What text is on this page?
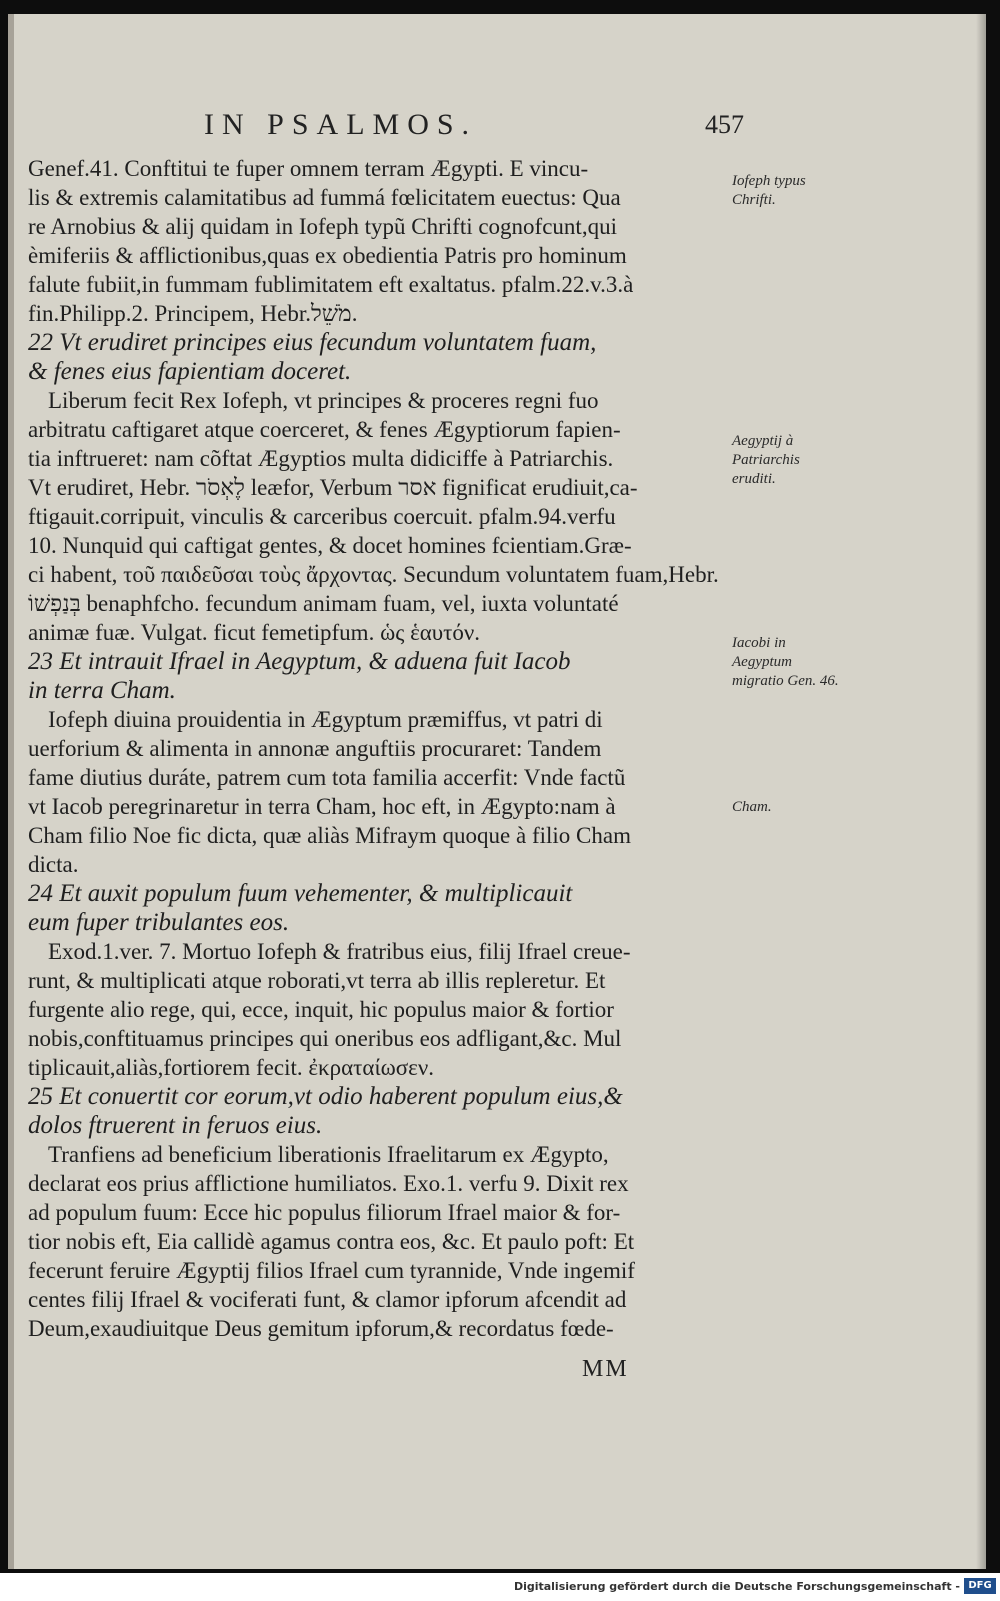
IN PSALMOS.	457
Genef.41. Conftitui te fuper omnem terram Ægypti. E vincu-
lis & extremis calamitatibus ad fummá fœlicitatem euectus: Qua
re Arnobius & alij quidam in Iofeph typũ Chrifti cognofcunt,qui
èmiferiis & afflictionibus,quas ex obedientia Patris pro hominum
falute fubiit,in fummam fublimitatem eft exaltatus. pfalm.22.v.3.à
fin.Philipp.2. Principem, Hebr.מֹשֵׁל.
22 Vt erudiret principes eius fecundum voluntatem fuam,
& fenes eius fapientiam doceret.
Liberum fecit Rex Iofeph, vt principes & proceres regni fuo
arbitratu caftigaret atque coerceret, & fenes Ægyptiorum fapien-
tia inftrueret: nam cõftat Ægyptios multa didiciffe à Patriarchis.
Vt erudiret, Hebr. לֶאְסֹר leæfor, Verbum אסר fignificat erudiuit,ca-
ftigauit.corripuit, vinculis & carceribus coercuit. pfalm.94.verfu
10. Nunquid qui caftigat gentes, & docet homines fcientiam.Græ-
ci habent, τοῦ παιδεῦσαι τοὺς ἄρχοντας. Secundum voluntatem fuam,Hebr.
בְּנַפְשׁוֹ benaphfcho. fecundum animam fuam, vel, iuxta voluntaté
animæ fuæ. Vulgat. ficut femetipfum. ὡς ἑαυτόν.
23 Et intrauit Ifrael in Aegyptum, & aduena fuit Iacob
in terra Cham.
Iofeph diuina prouidentia in Ægyptum præmiffus, vt patri di
uerforium & alimenta in annonæ anguftiis procuraret: Tandem
fame diutius duráte, patrem cum tota familia accerfit: Vnde factũ
vt Iacob peregrinaretur in terra Cham, hoc eft, in Ægypto:nam à
Cham filio Noe fic dicta, quæ aliàs Mifraym quoque à filio Cham
dicta.
24 Et auxit populum fuum vehementer, & multiplicauit
eum fuper tribulantes eos.
Exod.1.ver. 7. Mortuo Iofeph & fratribus eius, filij Ifrael creue-
runt, & multiplicati atque roborati,vt terra ab illis repleretur. Et
furgente alio rege, qui, ecce, inquit, hic populus maior & fortior
nobis,conftituamus principes qui oneribus eos adfligant,&c. Mul
tiplicauit,aliàs,fortiorem fecit. ἐκραταίωσεν.
25 Et conuertit cor eorum,vt odio haberent populum eius,&
dolos ftruerent in feruos eius.
Tranfiens ad beneficium liberationis Ifraelitarum ex Ægypto,
declarat eos prius afflictione humiliatos. Exo.1. verfu 9. Dixit rex
ad populum fuum: Ecce hic populus filiorum Ifrael maior & for-
tior nobis eft, Eia callidè agamus contra eos, &c. Et paulo poft: Et
fecerunt feruire Ægyptij filios Ifrael cum tyrannide, Vnde ingemif
centes filij Ifrael & vociferati funt, & clamor ipforum afcendit ad
Deum,exaudiuitque Deus gemitum ipforum,& recordatus fœde-
Iofeph typus Chrifti.
Aegyptij à Patriarchis eruditi.
Iacobi in Aegyptum migratio Gen. 46.
Cham.
MM
Digitalisierung gefördert durch die Deutsche Forschungsgemeinschaft - DFG
